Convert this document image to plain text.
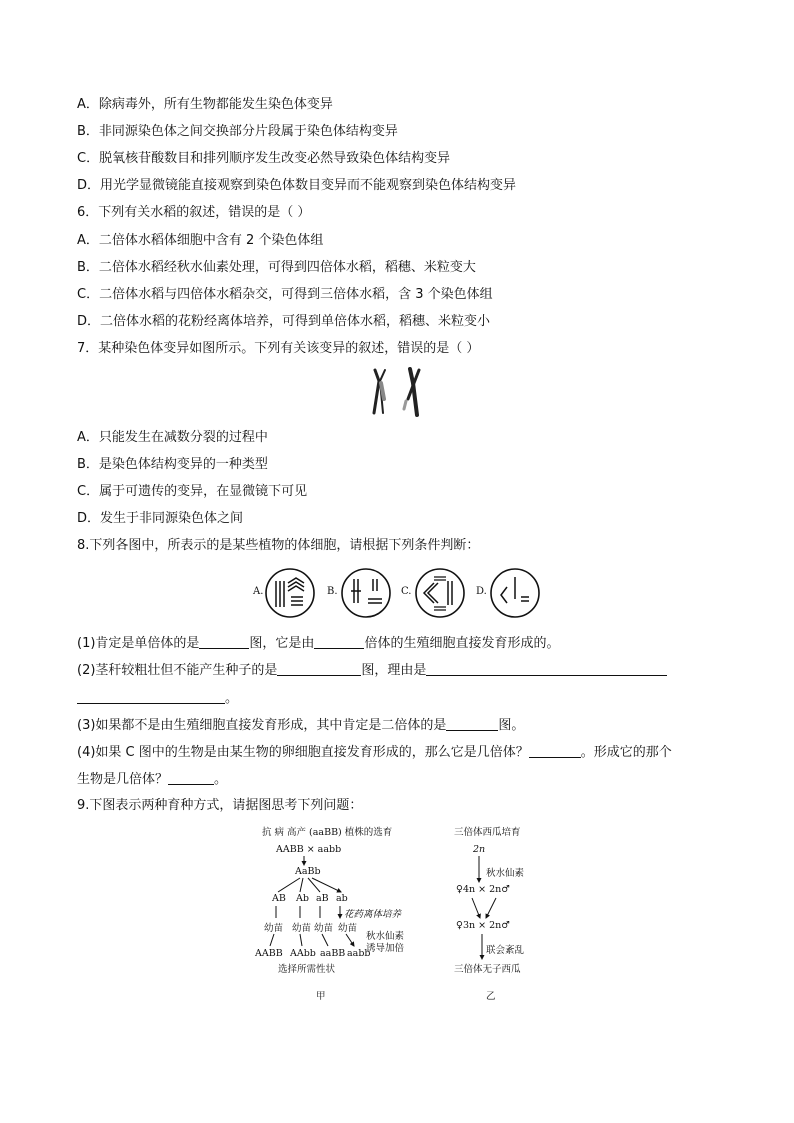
A．除病毒外，所有生物都能发生染色体变异
B．非同源染色体之间交换部分片段属于染色体结构变异
C．脱氧核苷酸数目和排列顺序发生改变必然导致染色体结构变异
D．用光学显微镜能直接观察到染色体数目变异而不能观察到染色体结构变异
6．下列有关水稻的叙述，错误的是（ ）
A．二倍体水稻体细胞中含有 2 个染色体组
B．二倍体水稻经秋水仙素处理，可得到四倍体水稻，稻穗、米粒变大
C．二倍体水稻与四倍体水稻杂交，可得到三倍体水稻，含 3 个染色体组
D．二倍体水稻的花粉经离体培养，可得到单倍体水稻，稻穗、米粒变小
7．某种染色体变异如图所示。下列有关该变异的叙述，错误的是（ ）
A．只能发生在减数分裂的过程中
B．是染色体结构变异的一种类型
C．属于可遗传的变异，在显微镜下可见
D．发生于非同源染色体之间
8.下列各图中，所表示的是某些植物的体细胞，请根据下列条件判断：
A.	B.	C.	D.
(1)肯定是单倍体的是	图，它是由	倍体的生殖细胞直接发育形成的。
(2)茎秆较粗壮但不能产生种子的是	图，理由是
。
(3)如果都不是由生殖细胞直接发育形成，其中肯定是二倍体的是	图。
(4)如果 C 图中的生物是由某生物的卵细胞直接发育形成的，那么它是几倍体？	。形成它的那个
生物是几倍体？	。
9.下图表示两种育种方式，请据图思考下列问题：
抗 病 高产 (aaBB) 植株的选育
AABB × aabb
AaBb
AB Ab aB ab
花药离体培养
幼苗 幼苗 幼苗 幼苗
秋水仙素
诱导加倍
AABB AAbb aaBB aabb
选择所需性状
甲
三倍体西瓜培育
2n
秋水仙素
♀4n × 2n♂
♀3n × 2n♂
联会紊乱
三倍体无子西瓜
乙
